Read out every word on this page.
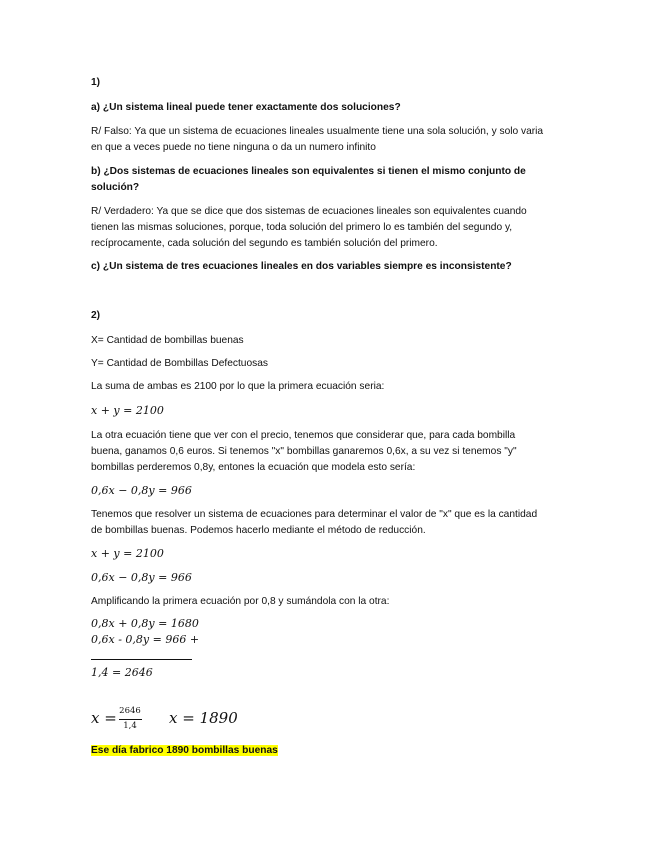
1)
a) ¿Un sistema lineal puede tener exactamente dos soluciones?
R/ Falso: Ya que un sistema de ecuaciones lineales usualmente tiene una sola solución, y solo varia
en que a veces puede no tiene ninguna o da un numero infinito
b) ¿Dos sistemas de ecuaciones lineales son equivalentes si tienen el mismo conjunto de
solución?
R/ Verdadero: Ya que se dice que dos sistemas de ecuaciones lineales son equivalentes cuando
tienen las mismas soluciones, porque, toda solución del primero lo es también del segundo y,
recíprocamente, cada solución del segundo es también solución del primero.
c) ¿Un sistema de tres ecuaciones lineales en dos variables siempre es inconsistente?
2)
X= Cantidad de bombillas buenas
Y= Cantidad de Bombillas Defectuosas
La suma de ambas es 2100 por lo que la primera ecuación seria:
x + y = 2100
La otra ecuación tiene que ver con el precio, tenemos que considerar que, para cada bombilla
buena, ganamos 0,6 euros. Si tenemos "x" bombillas ganaremos 0,6x, a su vez si tenemos "y"
bombillas perderemos 0,8y, entones la ecuación que modela esto sería:
0,6x − 0,8y = 966
Tenemos que resolver un sistema de ecuaciones para determinar el valor de "x" que es la cantidad
de bombillas buenas. Podemos hacerlo mediante el método de reducción.
x + y = 2100
0,6x − 0,8y = 966
Amplificando la primera ecuación por 0,8 y sumándola con la otra:
0,8x + 0,8y = 1680
0,6x - 0,8y = 966 +
1,4 = 2646
x = 2646
1,4	x = 1890
Ese día fabrico 1890 bombillas buenas
